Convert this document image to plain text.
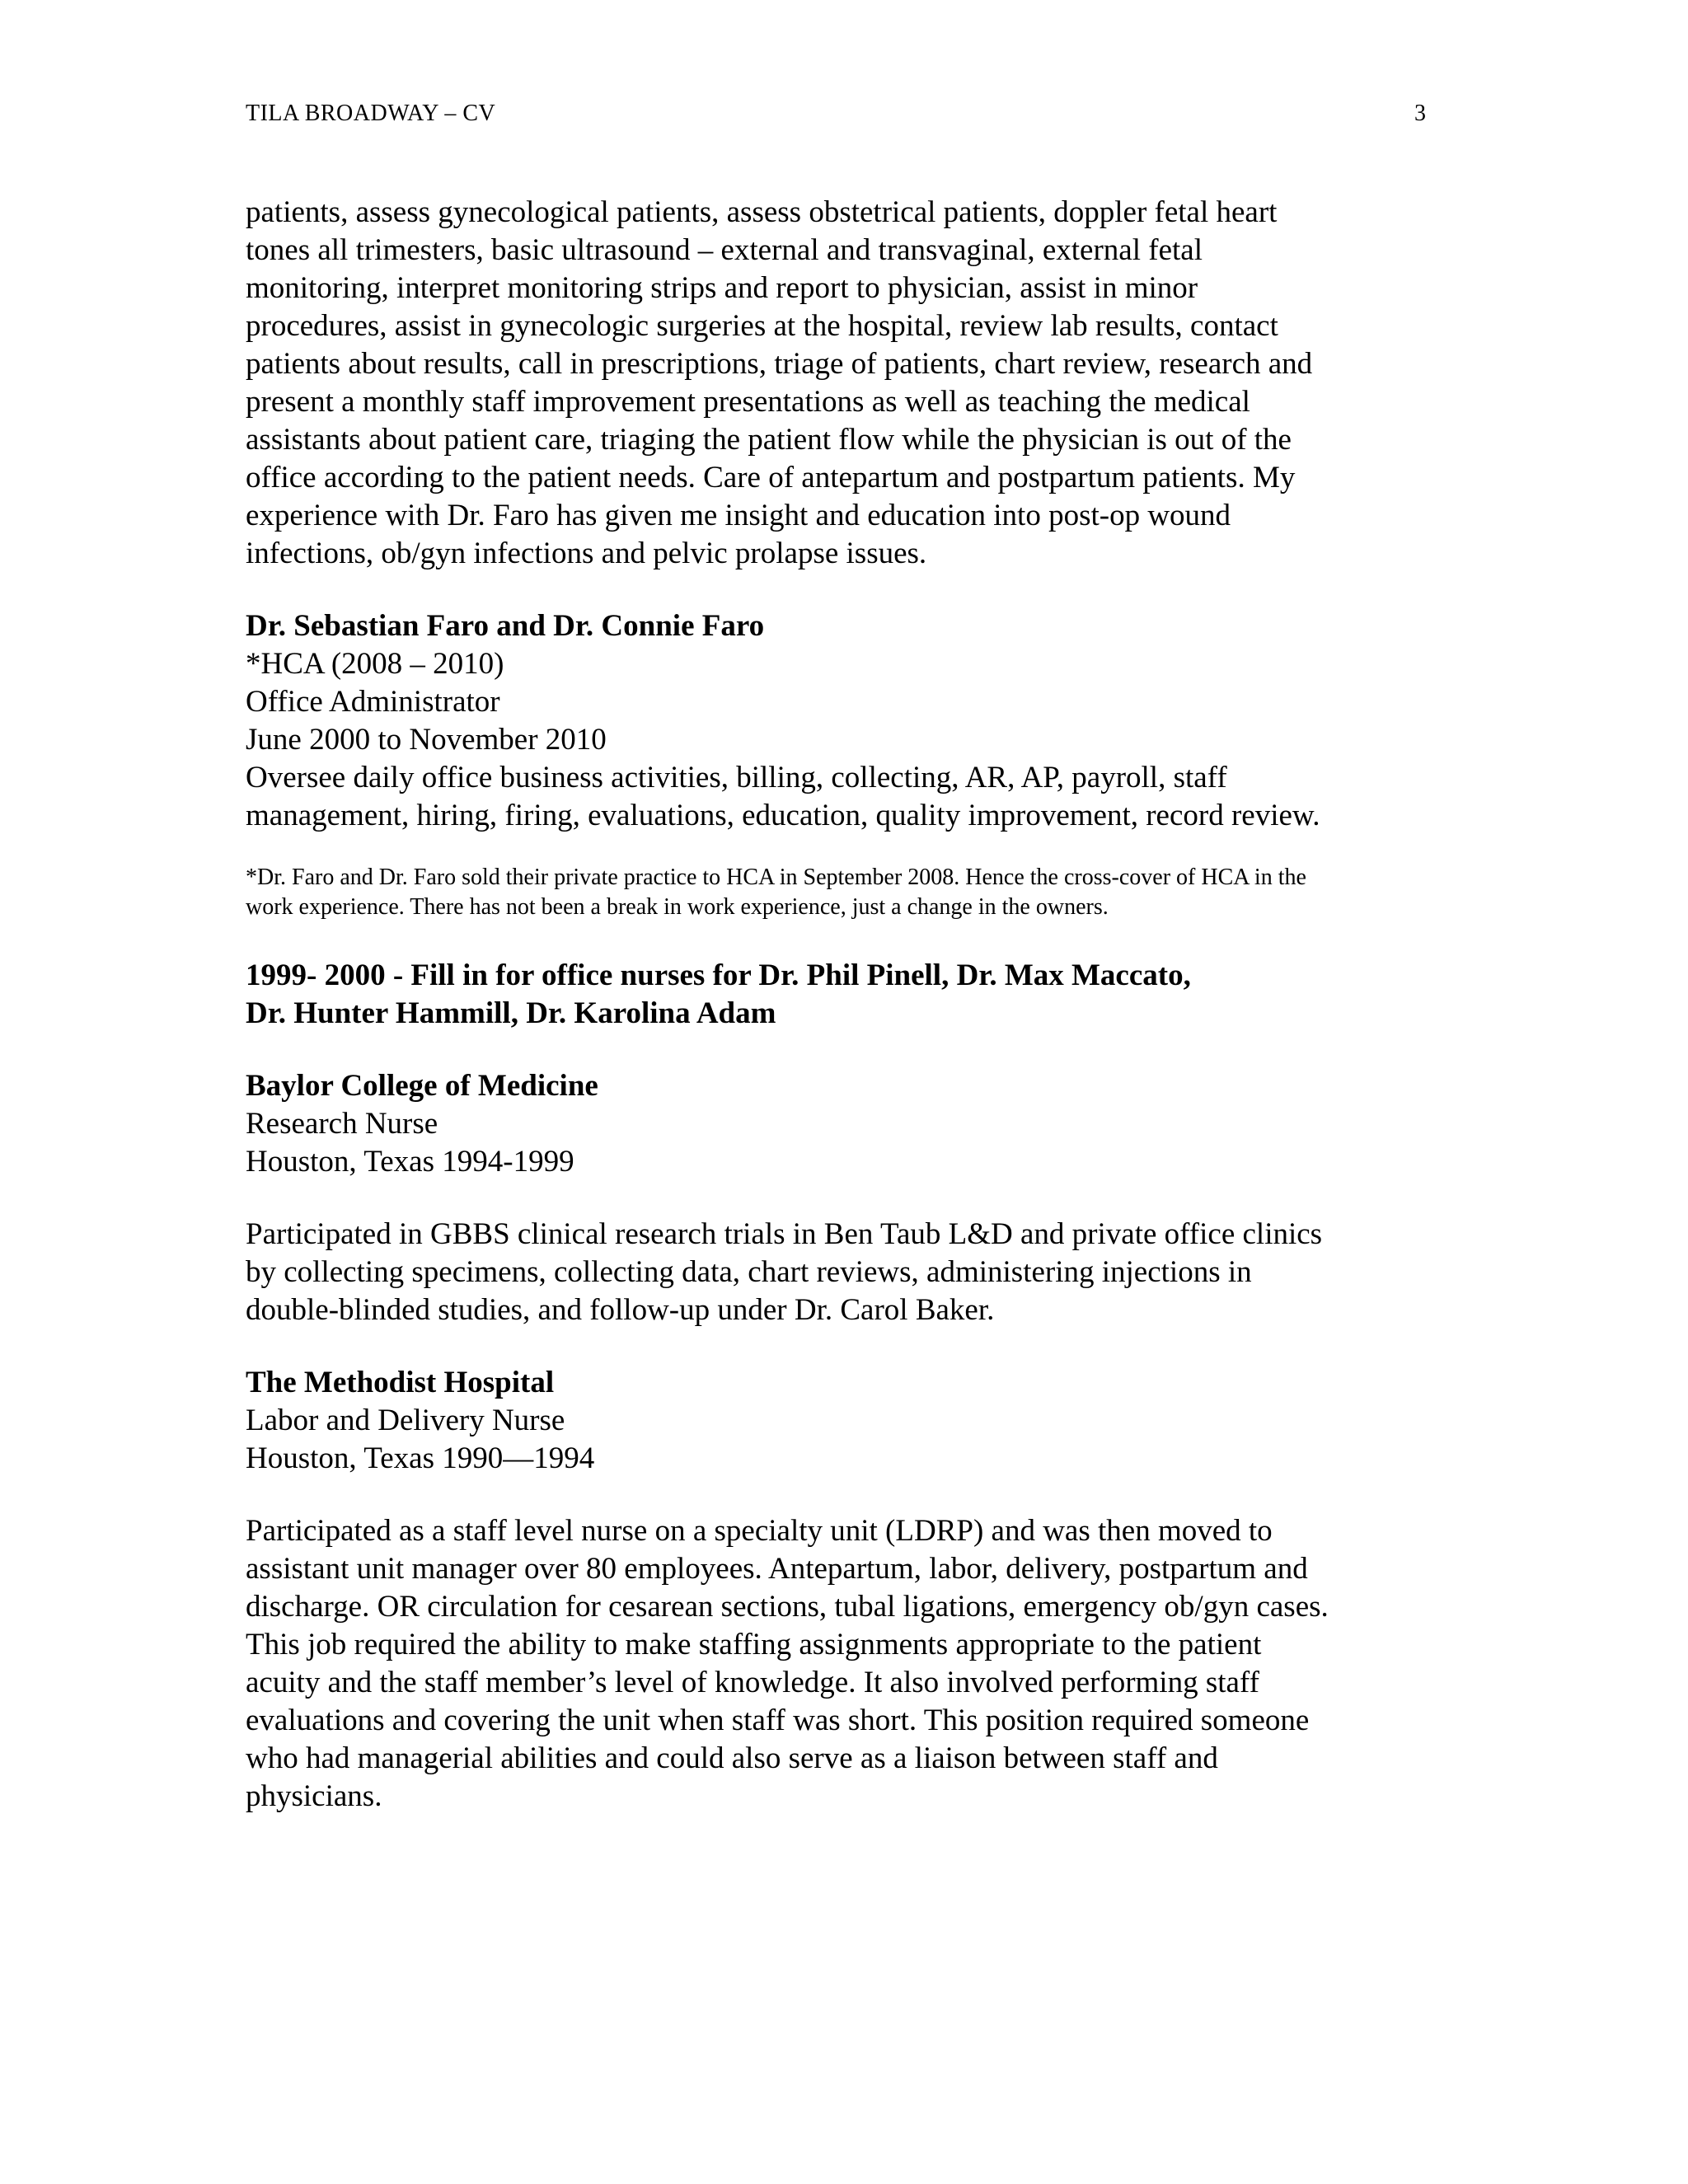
TILA BROADWAY – CV	3
patients, assess gynecological patients, assess obstetrical patients, doppler fetal heart
tones all trimesters, basic ultrasound – external and transvaginal, external fetal
monitoring, interpret monitoring strips and report to physician, assist in minor
procedures, assist in gynecologic surgeries at the hospital, review lab results, contact
patients about results, call in prescriptions, triage of patients, chart review, research and
present a monthly staff improvement presentations as well as teaching the medical
assistants about patient care, triaging the patient flow while the physician is out of the
office according to the patient needs. Care of antepartum and postpartum patients. My
experience with Dr. Faro has given me insight and education into post-op wound
infections, ob/gyn infections and pelvic prolapse issues.
Dr. Sebastian Faro and Dr. Connie Faro
*HCA (2008 – 2010)
Office Administrator
June 2000 to November 2010
Oversee daily office business activities, billing, collecting, AR, AP, payroll, staff
management, hiring, firing, evaluations, education, quality improvement, record review.
*Dr. Faro and Dr. Faro sold their private practice to HCA in September 2008. Hence the cross-cover of HCA in the
work experience. There has not been a break in work experience, just a change in the owners.
1999- 2000 - Fill in for office nurses for Dr. Phil Pinell, Dr. Max Maccato,
Dr. Hunter Hammill, Dr. Karolina Adam
Baylor College of Medicine
Research Nurse
Houston, Texas 1994-1999
Participated in GBBS clinical research trials in Ben Taub L&D and private office clinics
by collecting specimens, collecting data, chart reviews, administering injections in
double-blinded studies, and follow-up under Dr. Carol Baker.
The Methodist Hospital
Labor and Delivery Nurse
Houston, Texas 1990—1994
Participated as a staff level nurse on a specialty unit (LDRP) and was then moved to
assistant unit manager over 80 employees. Antepartum, labor, delivery, postpartum and
discharge. OR circulation for cesarean sections, tubal ligations, emergency ob/gyn cases.
This job required the ability to make staffing assignments appropriate to the patient
acuity and the staff member’s level of knowledge. It also involved performing staff
evaluations and covering the unit when staff was short. This position required someone
who had managerial abilities and could also serve as a liaison between staff and
physicians.
